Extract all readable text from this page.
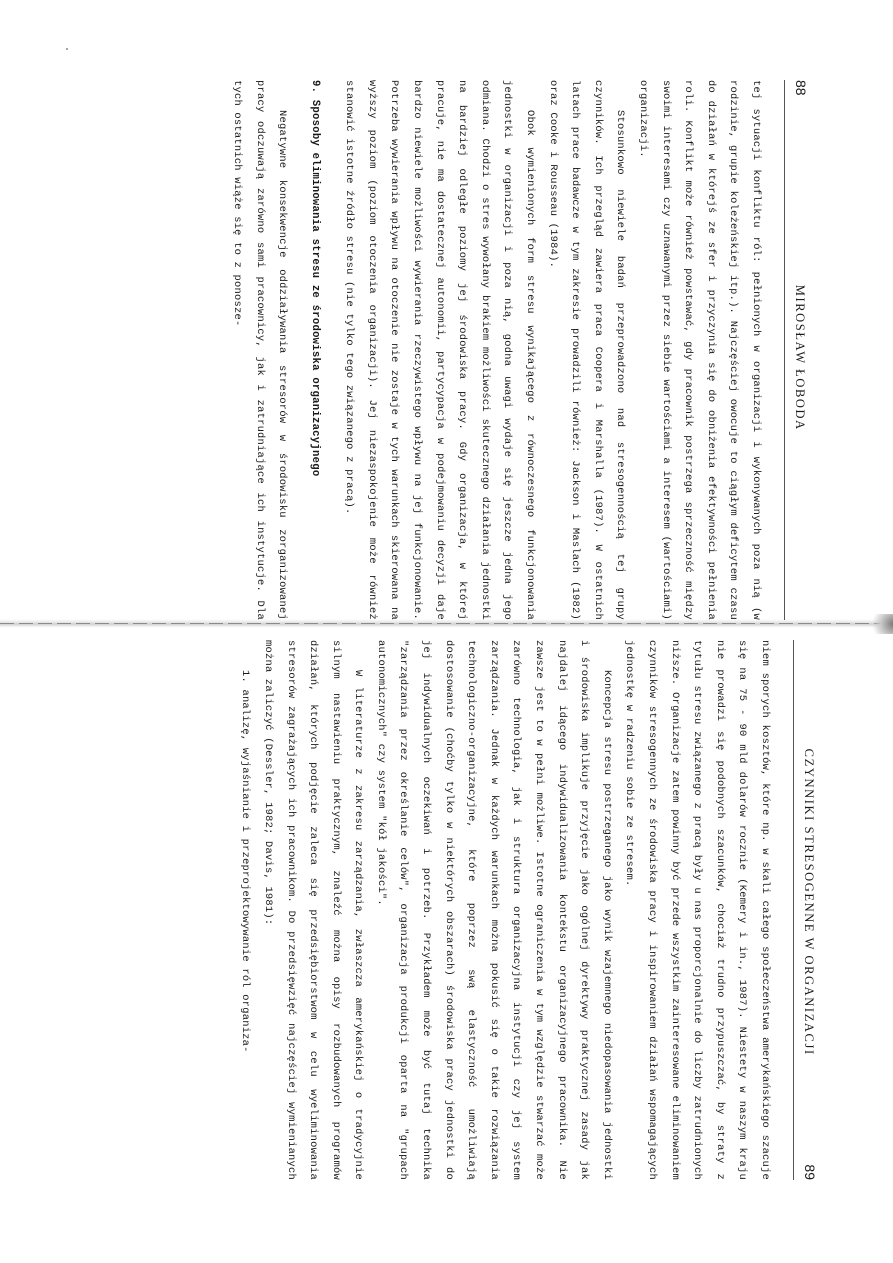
88
MIROSŁAW ŁOBODA

tej sytuacji konfliktu ról: pełnionych w organizacji i wykonywanych poza nią (w rodzinie, grupie koleżeńskiej itp.). Najczęściej owocuje to ciągłym deficytem czasu do działań w którejś ze sfer i przyczynia się do obniżenia efektywności pełnienia roli. Konflikt może również powstawać, gdy pracownik postrzega sprzeczność między swoimi interesami czy uznawanymi przez siebie wartościami a interesem (wartościami) organizacji.

Stosunkowo niewiele badań przeprowadzono nad stresogennością tej grupy czynników. Ich przegląd zawiera praca Coopera i Marshalla (1987). W ostatnich latach prace badawcze w tym zakresie prowadzili również: Jackson i Maslach (1982) oraz Cooke i Rousseau (1984).

Obok wymienionych form stresu wynikającego z równoczesnego funkcjonowania jednostki w organizacji i poza nią, godna uwagi wydaje się jeszcze jedna jego odmiana. Chodzi o stres wywołany brakiem możliwości skutecznego działania jednostki na bardziej odległe poziomy jej środowiska pracy. Gdy organizacja, w której pracuje, nie ma dostatecznej autonomii, partycypacja w podejmowaniu decyzji daje bardzo niewiele możliwości wywierania rzeczywistego wpływu na jej funkcjonowanie. Potrzeba wywierania wpływu na otoczenie nie zostaje w tych warunkach skierowana na wyższy poziom (poziom otoczenia organizacji). Jej niezaspokojenie może również stanowić istotne źródło stresu (nie tylko tego związanego z pracą).

9. Sposoby eliminowania stresu ze środowiska organizacyjnego

Negatywne konsekwencje oddziaływania stresorów w środowisku zorganizowanej pracy odczuwają zarówno sami pracownicy, jak i zatrudniające ich instytucje. Dla tych ostatnich wiąże się to z ponosze-

CZYNNIKI STRESOGENNE W ORGANIZACJI
89

niem sporych kosztów, które np. w skali całego społeczeństwa amerykańskiego szacuje się na 75 - 90 mld dolarów rocznie (Kemery i in., 1987). Niestety w naszym kraju nie prowadzi się podobnych szacunków, chociaż trudno przypuszczać, by straty z tytułu stresu związanego z pracą były u nas proporcjonalnie do liczby zatrudnionych niższe. Organizacje zatem powinny być przede wszystkim zainteresowane eliminowaniem czynników stresogennych ze środowiska pracy i inspirowaniem działań wspomagających jednostkę w radzeniu sobie ze stresem.

Koncepcja stresu postrzeganego jako wynik wzajemnego niedopasowania jednostki i środowiska implikuje przyjęcie jako ogólnej dyrektywy praktycznej zasady jak najdalej idącego indywidualizowania kontekstu organizacyjnego pracownika. Nie zawsze jest to w pełni możliwe. Istotne ograniczenia w tym względzie stwarzać może zarówno technologia, jak i struktura organizacyjna instytucji czy jej system zarządzania. Jednak w każdych warunkach można pokusić się o takie rozwiązania technologiczno-organizacyjne, które poprzez swą elastyczność umożliwiają dostosowanie (choćby tylko w niektórych obszarach) środowiska pracy jednostki do jej indywidualnych oczekiwań i potrzeb. Przykładem może być tutaj technika "zarządzania przez określanie celów", organizacja produkcji oparta na "grupach autonomicznych" czy system "kół jakości".

W literaturze z zakresu zarządzania, zwłaszcza amerykańskiej o tradycyjnie silnym nastawieniu praktycznym, znaleźć można opisy rozbudowanych programów działań, których podjęcie zaleca się przedsiębiorstwom w celu wyeliminowania stresorów zagrażających ich pracownikom. Do przedsięwzięć najczęściej wymienianych można zaliczyć (Dessler, 1982; Davis, 1981):

1. analizę, wyjaśnianie i przeprojektowywanie ról organiza-
